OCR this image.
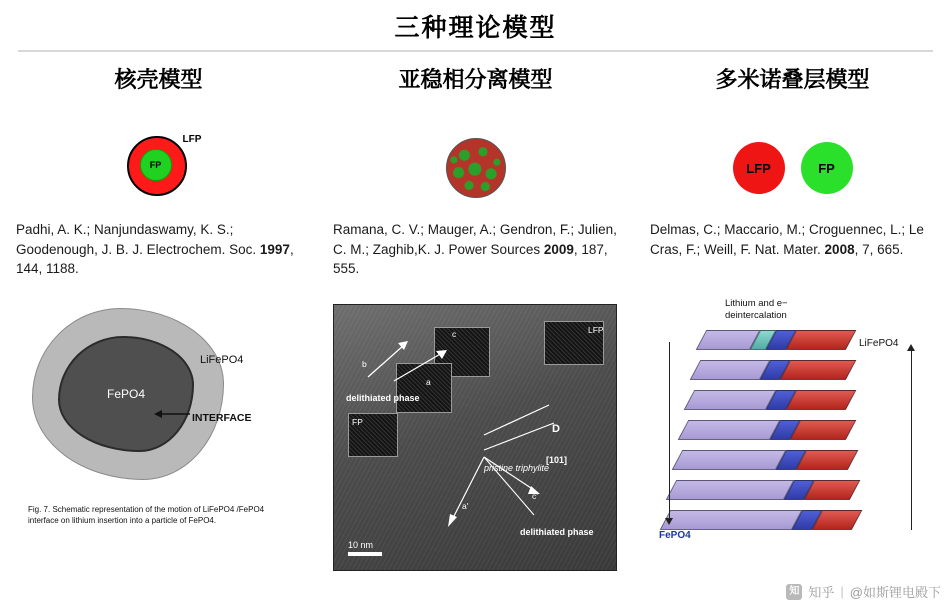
三种理论模型
核壳模型
FP
LFP
Padhi, A. K.; Nanjundaswamy, K. S.; Goodenough, J. B. J. Electrochem. Soc. 1997, 144, 1188.
亚稳相分离模型
Ramana, C. V.; Mauger, A.; Gendron, F.; Julien, C. M.; Zaghib,K. J. Power Sources 2009, 187, 555.
多米诺叠层模型
LFP	FP
Delmas, C.; Maccario, M.; Croguennec, L.; Le Cras, F.; Weill, F. Nat. Mater. 2008, 7, 665.
FePO4
LiFePO4
INTERFACE
Fig. 7. Schematic representation of the motion of LiFePO4 /FePO4 interface on lithium insertion into a particle of FePO4.
LFP
FP
b
c
a
a'
c'
D
delithiated phase
pristine triphylite
[101]
delithiated phase
10 nm
Lithium and e− deintercalation
LiFePO4
FePO4
知 知乎 | @如斯锂电殿下
